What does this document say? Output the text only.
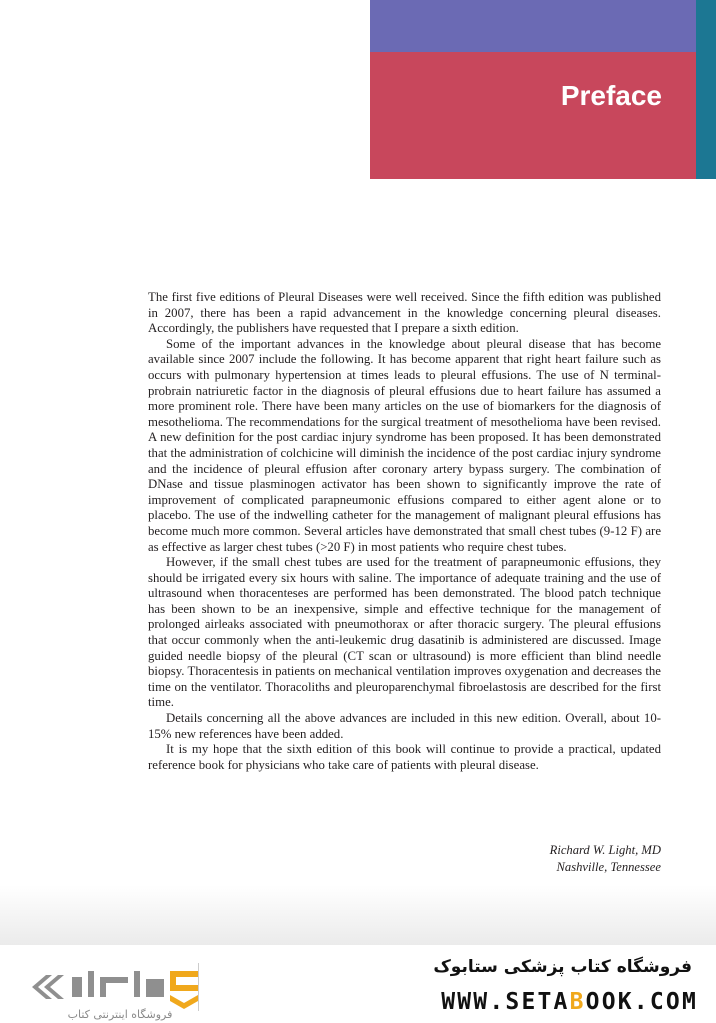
Preface

The first five editions of Pleural Diseases were well received. Since the fifth edition was published in 2007, there has been a rapid advancement in the knowledge concerning pleural diseases. Accordingly, the publishers have requested that I prepare a sixth edition.

Some of the important advances in the knowledge about pleural disease that has become available since 2007 include the following. It has become apparent that right heart failure such as occurs with pulmonary hypertension at times leads to pleural effusions. The use of N terminal-probrain natriuretic factor in the diagnosis of pleural effusions due to heart failure has assumed a more prominent role. There have been many articles on the use of biomarkers for the diagnosis of mesothelioma. The recommendations for the surgical treatment of mesothelioma have been revised. A new definition for the post cardiac injury syndrome has been proposed. It has been demonstrated that the administration of colchicine will diminish the incidence of the post cardiac injury syndrome and the incidence of pleural effusion after coronary artery bypass surgery. The combination of DNase and tissue plasminogen activator has been shown to significantly improve the rate of improvement of complicated parapneumonic effusions compared to either agent alone or to placebo. The use of the indwelling catheter for the management of malignant pleural effusions has become much more common. Several articles have demonstrated that small chest tubes (9-12 F) are as effective as larger chest tubes (>20 F) in most patients who require chest tubes.

However, if the small chest tubes are used for the treatment of parapneumonic effusions, they should be irrigated every six hours with saline. The importance of adequate training and the use of ultrasound when thoracenteses are performed has been demonstrated. The blood patch technique has been shown to be an inexpensive, simple and effective technique for the management of prolonged airleaks associated with pneumothorax or after thoracic surgery. The pleural effusions that occur commonly when the anti-leukemic drug dasatinib is administered are discussed. Image guided needle biopsy of the pleural (CT scan or ultrasound) is more efficient than blind needle biopsy. Thoracentesis in patients on mechanical ventilation improves oxygenation and decreases the time on the ventilator. Thoracoliths and pleuroparenchymal fibroelastosis are described for the first time.

Details concerning all the above advances are included in this new edition. Overall, about 10-15% new references have been added.

It is my hope that the sixth edition of this book will continue to provide a practical, updated reference book for physicians who take care of patients with pleural disease.

Richard W. Light, MD
Nashville, Tennessee
فروشگاه اینترنتی کتاب
فروشگاه کتاب پزشکی ستابوک
WWW.SETABOOK.COM
